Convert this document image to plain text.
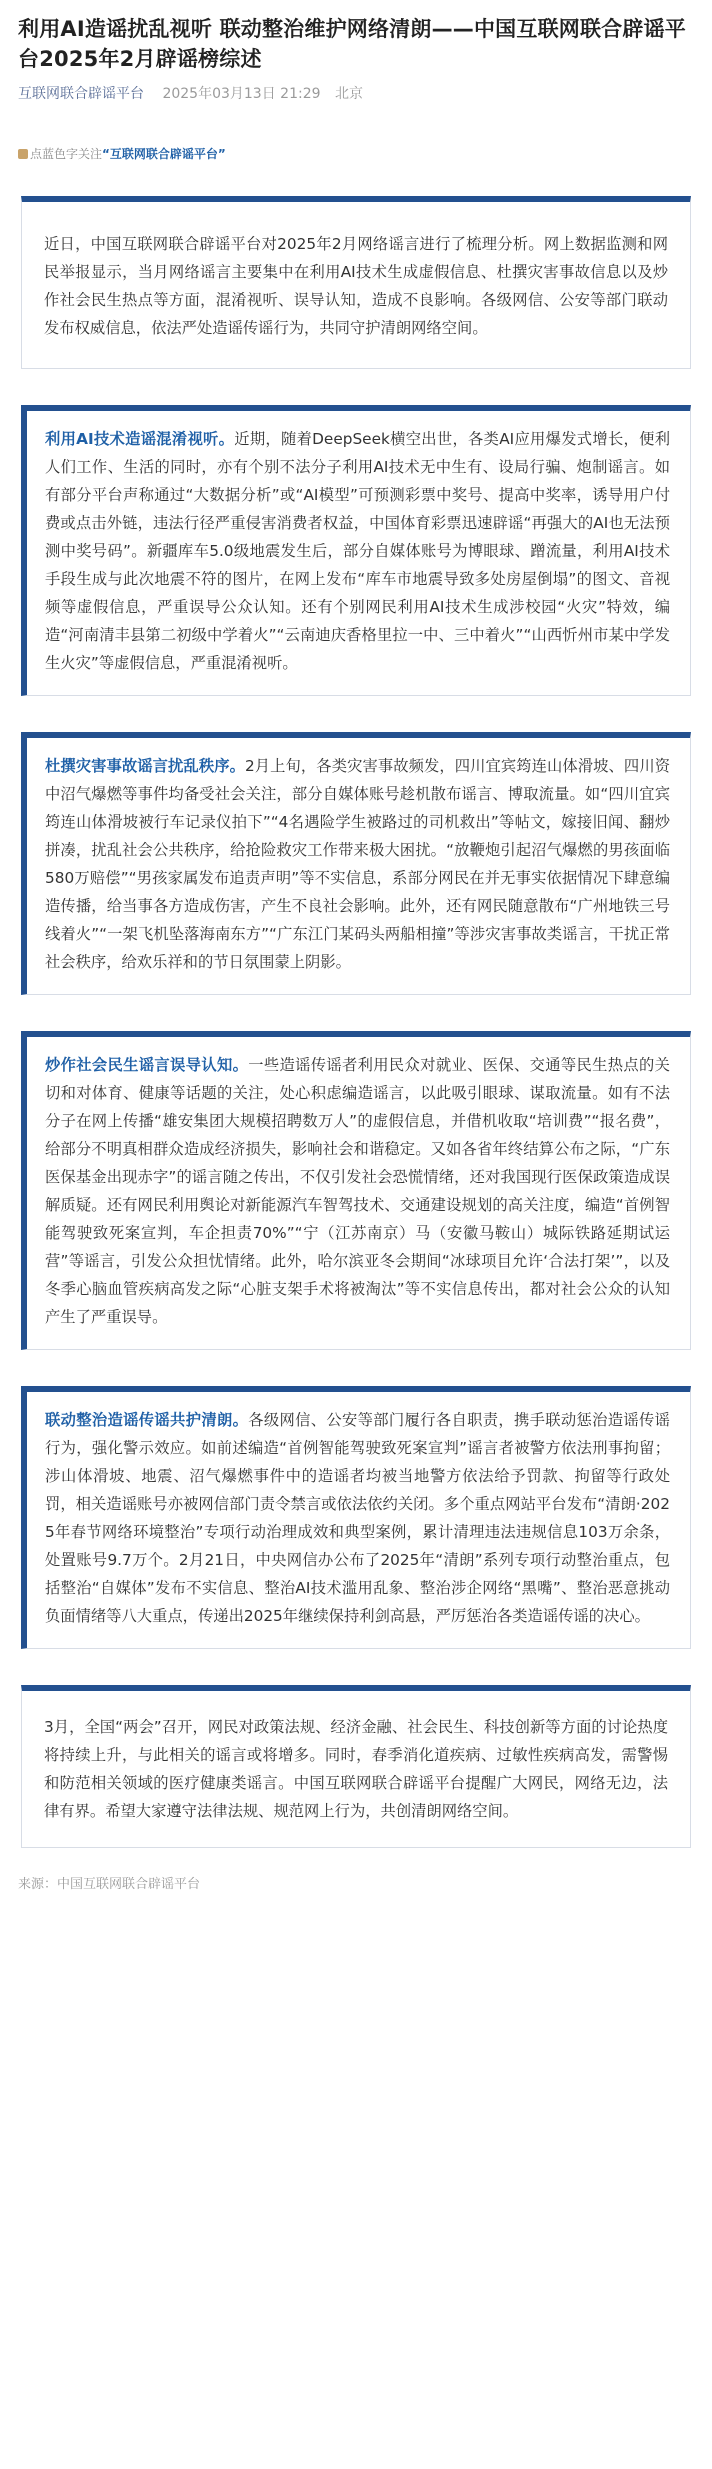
利用AI造谣扰乱视听 联动整治维护网络清朗——中国互联网联合辟谣平台2025年2月辟谣榜综述
互联网联合辟谣平台 2025年03月13日 21:29 北京
点蓝色字关注“互联网联合辟谣平台”
近日，中国互联网联合辟谣平台对2025年2月网络谣言进行了梳理分析。网上数据监测和网民举报显示，当月网络谣言主要集中在利用AI技术生成虚假信息、杜撰灾害事故信息以及炒作社会民生热点等方面，混淆视听、误导认知，造成不良影响。各级网信、公安等部门联动发布权威信息，依法严处造谣传谣行为，共同守护清朗网络空间。
利用AI技术造谣混淆视听。近期，随着DeepSeek横空出世，各类AI应用爆发式增长，便利人们工作、生活的同时，亦有个别不法分子利用AI技术无中生有、设局行骗、炮制谣言。如有部分平台声称通过“大数据分析”或“AI模型”可预测彩票中奖号、提高中奖率，诱导用户付费或点击外链，违法行径严重侵害消费者权益，中国体育彩票迅速辟谣“再强大的AI也无法预测中奖号码”。新疆库车5.0级地震发生后，部分自媒体账号为博眼球、蹭流量，利用AI技术手段生成与此次地震不符的图片，在网上发布“库车市地震导致多处房屋倒塌”的图文、音视频等虚假信息，严重误导公众认知。还有个别网民利用AI技术生成涉校园“火灾”特效，编造“河南清丰县第二初级中学着火”“云南迪庆香格里拉一中、三中着火”“山西忻州市某中学发生火灾”等虚假信息，严重混淆视听。
杜撰灾害事故谣言扰乱秩序。2月上旬，各类灾害事故频发，四川宜宾筠连山体滑坡、四川资中沼气爆燃等事件均备受社会关注，部分自媒体账号趁机散布谣言、博取流量。如“四川宜宾筠连山体滑坡被行车记录仪拍下”“4名遇险学生被路过的司机救出”等帖文，嫁接旧闻、翻炒拼凑，扰乱社会公共秩序，给抢险救灾工作带来极大困扰。“放鞭炮引起沼气爆燃的男孩面临580万赔偿”“男孩家属发布追责声明”等不实信息，系部分网民在并无事实依据情况下肆意编造传播，给当事各方造成伤害，产生不良社会影响。此外，还有网民随意散布“广州地铁三号线着火”“一架飞机坠落海南东方”“广东江门某码头两船相撞”等涉灾害事故类谣言，干扰正常社会秩序，给欢乐祥和的节日氛围蒙上阴影。
炒作社会民生谣言误导认知。一些造谣传谣者利用民众对就业、医保、交通等民生热点的关切和对体育、健康等话题的关注，处心积虑编造谣言，以此吸引眼球、谋取流量。如有不法分子在网上传播“雄安集团大规模招聘数万人”的虚假信息，并借机收取“培训费”“报名费”，给部分不明真相群众造成经济损失，影响社会和谐稳定。又如各省年终结算公布之际，“广东医保基金出现赤字”的谣言随之传出，不仅引发社会恐慌情绪，还对我国现行医保政策造成误解质疑。还有网民利用舆论对新能源汽车智驾技术、交通建设规划的高关注度，编造“首例智能驾驶致死案宣判，车企担责70%”“宁（江苏南京）马（安徽马鞍山）城际铁路延期试运营”等谣言，引发公众担忧情绪。此外，哈尔滨亚冬会期间“冰球项目允许‘合法打架’”，以及冬季心脑血管疾病高发之际“心脏支架手术将被淘汰”等不实信息传出，都对社会公众的认知产生了严重误导。
联动整治造谣传谣共护清朗。各级网信、公安等部门履行各自职责，携手联动惩治造谣传谣行为，强化警示效应。如前述编造“首例智能驾驶致死案宣判”谣言者被警方依法刑事拘留；涉山体滑坡、地震、沼气爆燃事件中的造谣者均被当地警方依法给予罚款、拘留等行政处罚，相关造谣账号亦被网信部门责令禁言或依法依约关闭。多个重点网站平台发布“清朗·2025年春节网络环境整治”专项行动治理成效和典型案例，累计清理违法违规信息103万余条，处置账号9.7万个。2月21日，中央网信办公布了2025年“清朗”系列专项行动整治重点，包括整治“自媒体”发布不实信息、整治AI技术滥用乱象、整治涉企网络“黑嘴”、整治恶意挑动负面情绪等八大重点，传递出2025年继续保持利剑高悬，严厉惩治各类造谣传谣的决心。
3月，全国“两会”召开，网民对政策法规、经济金融、社会民生、科技创新等方面的讨论热度将持续上升，与此相关的谣言或将增多。同时，春季消化道疾病、过敏性疾病高发，需警惕和防范相关领域的医疗健康类谣言。中国互联网联合辟谣平台提醒广大网民，网络无边，法律有界。希望大家遵守法律法规、规范网上行为，共创清朗网络空间。
来源：中国互联网联合辟谣平台
